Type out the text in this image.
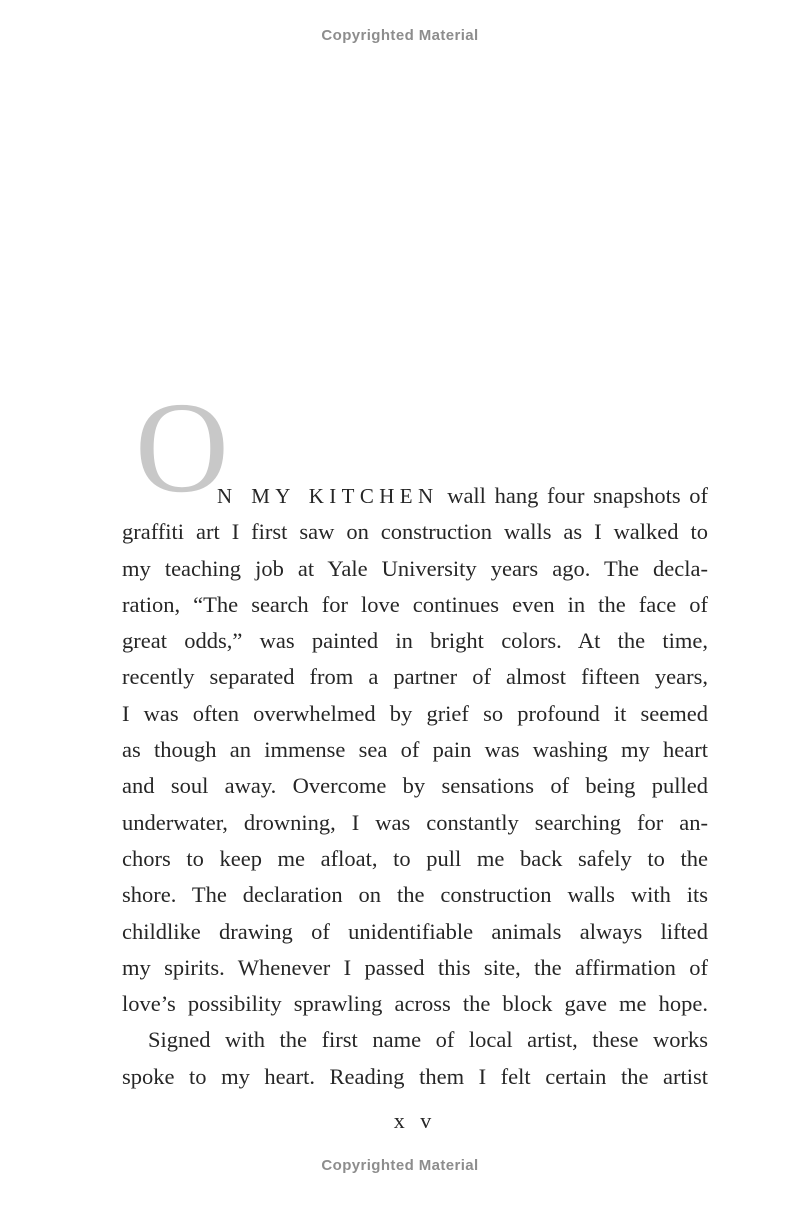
Copyrighted Material
O
N MY KITCHEN wall hang four snapshots of
graffiti art I first saw on construction walls as I walked to
my teaching job at Yale University years ago. The decla-
ration, “The search for love continues even in the face of
great odds,” was painted in bright colors. At the time,
recently separated from a partner of almost fifteen years,
I was often overwhelmed by grief so profound it seemed
as though an immense sea of pain was washing my heart
and soul away. Overcome by sensations of being pulled
underwater, drowning, I was constantly searching for an-
chors to keep me afloat, to pull me back safely to the
shore. The declaration on the construction walls with its
childlike drawing of unidentifiable animals always lifted
my spirits. Whenever I passed this site, the affirmation of
love’s possibility sprawling across the block gave me hope.
Signed with the first name of local artist, these works
spoke to my heart. Reading them I felt certain the artist
x v
Copyrighted Material
